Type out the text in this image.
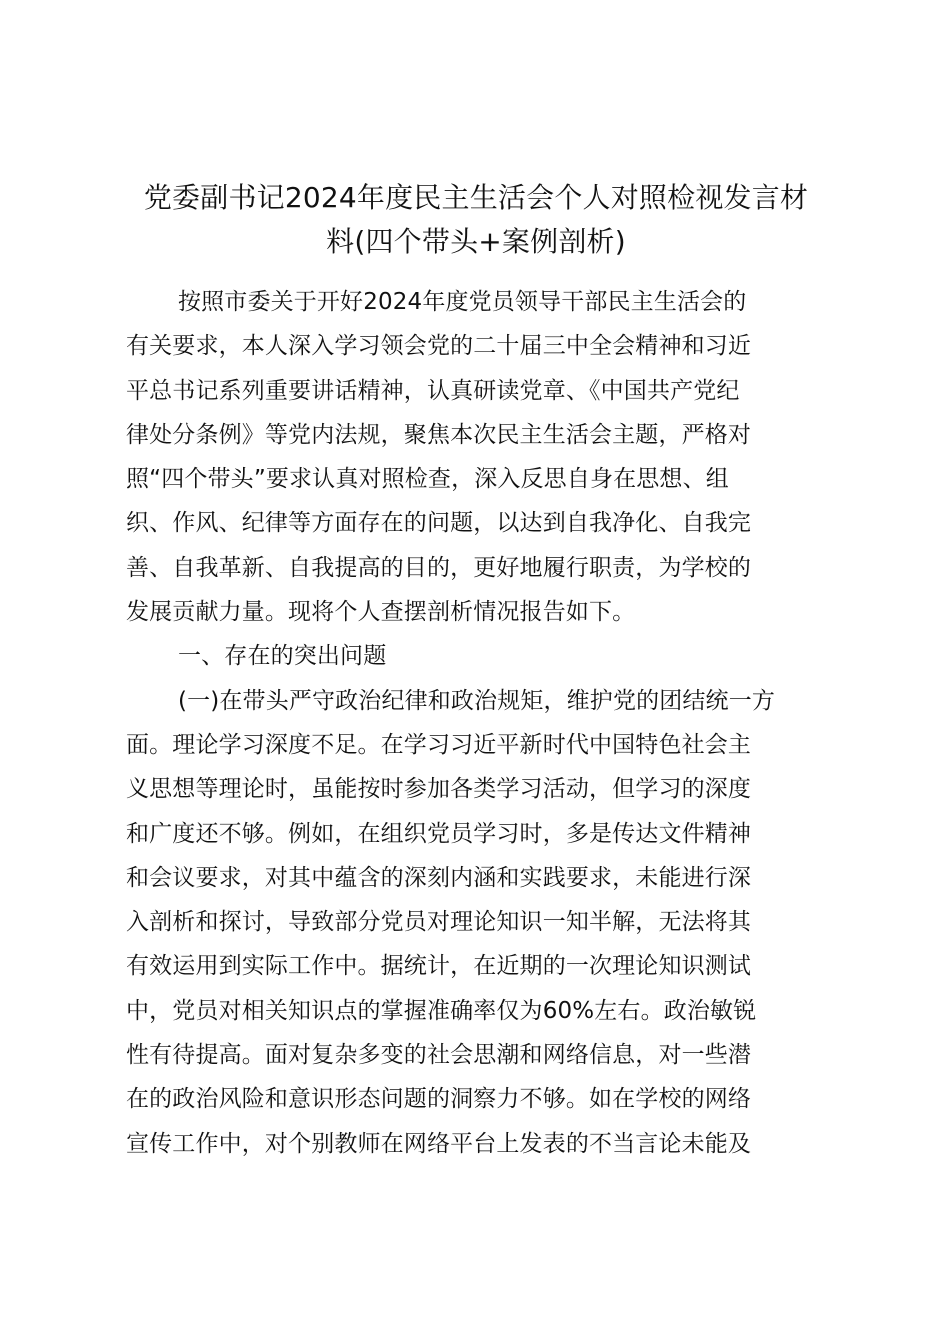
党委副书记2024年度民主生活会个人对照检视发言材
料(四个带头+案例剖析)
按照市委关于开好2024年度党员领导干部民主生活会的
有关要求，本人深入学习领会党的二十届三中全会精神和习近
平总书记系列重要讲话精神，认真研读党章、《中国共产党纪
律处分条例》等党内法规，聚焦本次民主生活会主题，严格对
照“四个带头”要求认真对照检查，深入反思自身在思想、组
织、作风、纪律等方面存在的问题，以达到自我净化、自我完
善、自我革新、自我提高的目的，更好地履行职责，为学校的
发展贡献力量。现将个人查摆剖析情况报告如下。
一、存在的突出问题
(一)在带头严守政治纪律和政治规矩，维护党的团结统一方
面。理论学习深度不足。在学习习近平新时代中国特色社会主
义思想等理论时，虽能按时参加各类学习活动，但学习的深度
和广度还不够。例如，在组织党员学习时，多是传达文件精神
和会议要求，对其中蕴含的深刻内涵和实践要求，未能进行深
入剖析和探讨，导致部分党员对理论知识一知半解，无法将其
有效运用到实际工作中。据统计，在近期的一次理论知识测试
中，党员对相关知识点的掌握准确率仅为60%左右。政治敏锐
性有待提高。面对复杂多变的社会思潮和网络信息，对一些潜
在的政治风险和意识形态问题的洞察力不够。如在学校的网络
宣传工作中，对个别教师在网络平台上发表的不当言论未能及
